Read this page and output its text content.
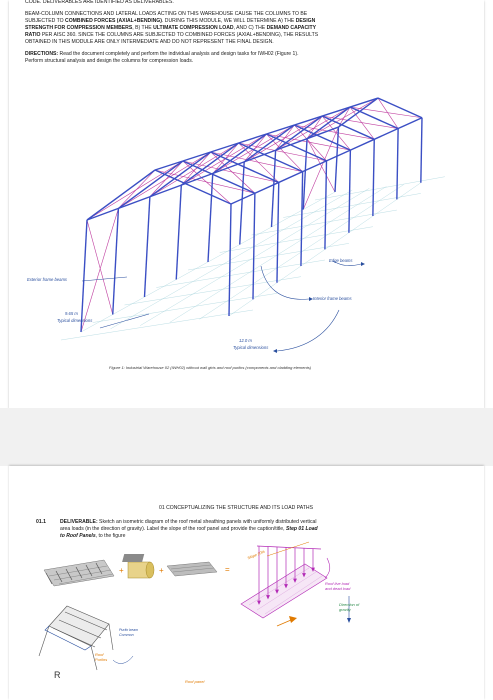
CODE. DELIVERABLES ARE IDENTIFIED AS DELIVERABLES.
BEAM-COLUMN CONNECTIONS AND LATERAL LOADS ACTING ON THIS WAREHOUSE CAUSE THE COLUMNS TO BE
SUBJECTED TO COMBINED FORCES (AXIAL+BENDING). DURING THIS MODULE, WE WILL DETERMINE A) THE DESIGN
STRENGTH FOR COMPRESSION MEMBERS, B) THE ULTIMATE COMPRESSION LOAD, AND C) THE DEMAND CAPACITY
RATIO PER AISC 360. SINCE THE COLUMNS ARE SUBJECTED TO COMBINED FORCES (AXIAL+BENDING), THE RESULTS
OBTAINED IN THIS MODULE ARE ONLY INTERMEDIATE AND DO NOT REPRESENT THE FINAL DESIGN.
DIRECTIONS: Read the document completely and perform the individual analysis and design tasks for IWH02 (Figure 1).
Perform structural analysis and design the columns for compression loads.
Edge beams
Exterior frame beams
Interior frame beams
9.65 m
Typical dimensions
12.0 m
Typical dimensions
Figure 1: Industrial Warehouse 02 (IWH02) without wall girts and roof purlins (components and cladding elements)
01 CONCEPTUALIZING THE STRUCTURE AND ITS LOAD PATHS
01.1	DELIVERABLE: Sketch an isometric diagram of the roof metal sheathing panels with uniformly distributed vertical
area loads (in the direction of gravity). Label the slope of the roof panel and provide the caption/title, Step 01 Load
to Roof Panels, to the figure
+	+	=
Slope 10%
Roof live load and dead load
Direction of gravity
Purlin beam Common
Roof Purlins
Roof panel
R
